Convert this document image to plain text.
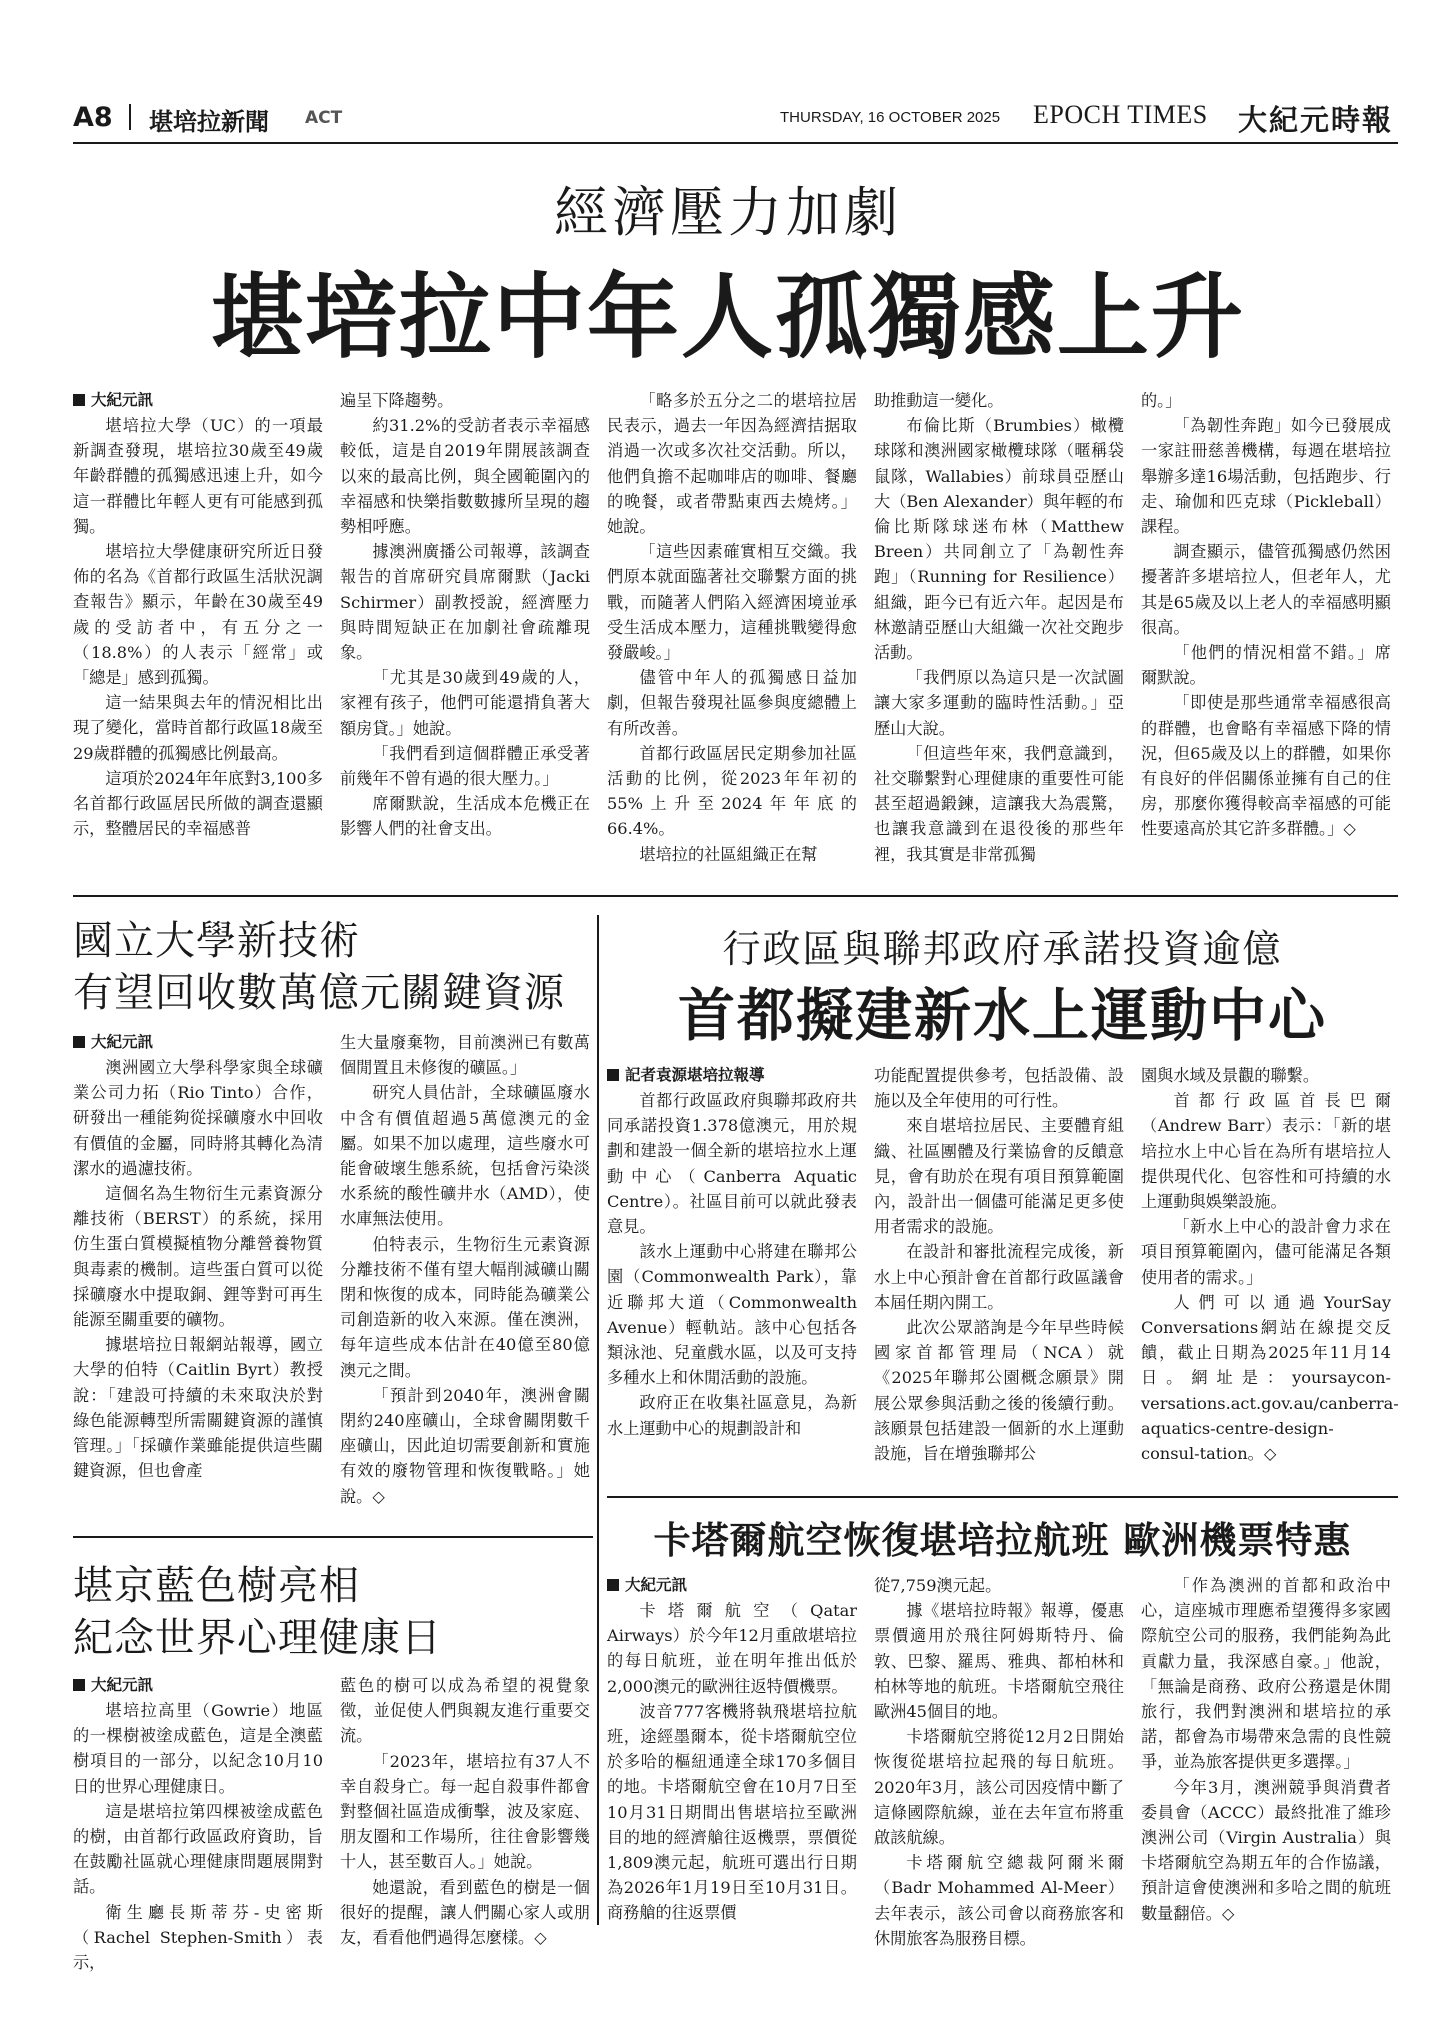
A8 堪培拉新聞 ACT	THURSDAY, 16 OCTOBER 2025 EPOCH TIMES 大紀元時報
經濟壓力加劇
堪培拉中年人孤獨感上升

大紀元訊

堪培拉大學（UC）的一項最新調查發現，堪培拉30歲至49歲年齡群體的孤獨感迅速上升，如今這一群體比年輕人更有可能感到孤獨。

堪培拉大學健康研究所近日發佈的名為《首都行政區生活狀況調查報告》顯示，年齡在30歲至49歲的受訪者中，有五分之一（18.8%）的人表示「經常」或「總是」感到孤獨。

這一結果與去年的情況相比出現了變化，當時首都行政區18歲至29歲群體的孤獨感比例最高。

這項於2024年年底對3,100多名首都行政區居民所做的調查還顯示，整體居民的幸福感普

遍呈下降趨勢。

約31.2%的受訪者表示幸福感較低，這是自2019年開展該調查以來的最高比例，與全國範圍內的幸福感和快樂指數數據所呈現的趨勢相呼應。

據澳洲廣播公司報導，該調查報告的首席研究員席爾默（Jacki Schirmer）副教授說，經濟壓力與時間短缺正在加劇社會疏離現象。

「尤其是30歲到49歲的人，家裡有孩子，他們可能還揹負著大額房貸。」她說。

「我們看到這個群體正承受著前幾年不曾有過的很大壓力。」

席爾默說，生活成本危機正在影響人們的社會支出。

「略多於五分之二的堪培拉居民表示，過去一年因為經濟拮据取消過一次或多次社交活動。所以，他們負擔不起咖啡店的咖啡、餐廳的晚餐，或者帶點東西去燒烤。」她說。

「這些因素確實相互交織。我們原本就面臨著社交聯繫方面的挑戰，而隨著人們陷入經濟困境並承受生活成本壓力，這種挑戰變得愈發嚴峻。」

儘管中年人的孤獨感日益加劇，但報告發現社區參與度總體上有所改善。

首都行政區居民定期參加社區活動的比例，從2023年年初的55%上升至2024年年底的66.4%。

堪培拉的社區組織正在幫

助推動這一變化。

布倫比斯（Brumbies）橄欖球隊和澳洲國家橄欖球隊（暱稱袋鼠隊，Wallabies）前球員亞歷山大（Ben Alexander）與年輕的布倫比斯隊球迷布林（Matthew Breen）共同創立了「為韌性奔跑」（Running for Resilience）組織，距今已有近六年。起因是布林邀請亞歷山大組織一次社交跑步活動。

「我們原以為這只是一次試圖讓大家多運動的臨時性活動。」亞歷山大說。

「但這些年來，我們意識到，社交聯繫對心理健康的重要性可能甚至超過鍛鍊，這讓我大為震驚，也讓我意識到在退役後的那些年裡，我其實是非常孤獨

的。」

「為韌性奔跑」如今已發展成一家註冊慈善機構，每週在堪培拉舉辦多達16場活動，包括跑步、行走、瑜伽和匹克球（Pickleball）課程。

調查顯示，儘管孤獨感仍然困擾著許多堪培拉人，但老年人，尤其是65歲及以上老人的幸福感明顯很高。

「他們的情況相當不錯。」席爾默說。

「即使是那些通常幸福感很高的群體，也會略有幸福感下降的情況，但65歲及以上的群體，如果你有良好的伴侶關係並擁有自己的住房，那麼你獲得較高幸福感的可能性要遠高於其它許多群體。」◇

國立大學新技術
有望回收數萬億元關鍵資源

大紀元訊

澳洲國立大學科學家與全球礦業公司力拓（Rio Tinto）合作，研發出一種能夠從採礦廢水中回收有價值的金屬，同時將其轉化為清潔水的過濾技術。

這個名為生物衍生元素資源分離技術（BERST）的系統，採用仿生蛋白質模擬植物分離營養物質與毒素的機制。這些蛋白質可以從採礦廢水中提取銅、鋰等對可再生能源至關重要的礦物。

據堪培拉日報網站報導，國立大學的伯特（Caitlin Byrt）教授說：「建設可持續的未來取決於對綠色能源轉型所需關鍵資源的謹慎管理。」「採礦作業雖能提供這些關鍵資源，但也會產

生大量廢棄物，目前澳洲已有數萬個閒置且未修復的礦區。」

研究人員估計，全球礦區廢水中含有價值超過5萬億澳元的金屬。如果不加以處理，這些廢水可能會破壞生態系統，包括會污染淡水系統的酸性礦井水（AMD），使水庫無法使用。

伯特表示，生物衍生元素資源分離技術不僅有望大幅削減礦山關閉和恢復的成本，同時能為礦業公司創造新的收入來源。僅在澳洲，每年這些成本估計在40億至80億澳元之間。

「預計到2040年，澳洲會關閉約240座礦山，全球會關閉數千座礦山，因此迫切需要創新和實施有效的廢物管理和恢復戰略。」她說。◇

行政區與聯邦政府承諾投資逾億
首都擬建新水上運動中心

記者袁源堪培拉報導

首都行政區政府與聯邦政府共同承諾投資1.378億澳元，用於規劃和建設一個全新的堪培拉水上運動中心（Canberra Aquatic Centre）。社區目前可以就此發表意見。

該水上運動中心將建在聯邦公園（Commonwealth Park），靠近聯邦大道（Commonwealth Avenue）輕軌站。該中心包括各類泳池、兒童戲水區，以及可支持多種水上和休閒活動的設施。

政府正在收集社區意見，為新水上運動中心的規劃設計和

功能配置提供參考，包括設備、設施以及全年使用的可行性。

來自堪培拉居民、主要體育組織、社區團體及行業協會的反饋意見，會有助於在現有項目預算範圍內，設計出一個儘可能滿足更多使用者需求的設施。

在設計和審批流程完成後，新水上中心預計會在首都行政區議會本屆任期內開工。

此次公眾諮詢是今年早些時候國家首都管理局（NCA）就《2025年聯邦公園概念願景》開展公眾參與活動之後的後續行動。該願景包括建設一個新的水上運動設施，旨在增強聯邦公

園與水域及景觀的聯繫。

首都行政區首長巴爾（Andrew Barr）表示：「新的堪培拉水上中心旨在為所有堪培拉人提供現代化、包容性和可持續的水上運動與娛樂設施。

「新水上中心的設計會力求在項目預算範圍內，儘可能滿足各類使用者的需求。」

人們可以通過YourSay Conversations網站在線提交反饋，截止日期為2025年11月14日。網址是：yoursaycon-versations.act.gov.au/canberra-aquatics-centre-design-consul-tation。◇

堪京藍色樹亮相
紀念世界心理健康日

大紀元訊

堪培拉高里（Gowrie）地區的一棵樹被塗成藍色，這是全澳藍樹項目的一部分，以紀念10月10日的世界心理健康日。

這是堪培拉第四棵被塗成藍色的樹，由首都行政區政府資助，旨在鼓勵社區就心理健康問題展開對話。

衛生廳長斯蒂芬-史密斯（Rachel Stephen-Smith）表示，

藍色的樹可以成為希望的視覺象徵，並促使人們與親友進行重要交流。

「2023年，堪培拉有37人不幸自殺身亡。每一起自殺事件都會對整個社區造成衝擊，波及家庭、朋友圈和工作場所，往往會影響幾十人，甚至數百人。」她說。

她還說，看到藍色的樹是一個很好的提醒，讓人們關心家人或朋友，看看他們過得怎麼樣。◇

卡塔爾航空恢復堪培拉航班 歐洲機票特惠

大紀元訊

卡塔爾航空（Qatar Airways）於今年12月重啟堪培拉的每日航班，並在明年推出低於2,000澳元的歐洲往返特價機票。

波音777客機將執飛堪培拉航班，途經墨爾本，從卡塔爾航空位於多哈的樞紐通達全球170多個目的地。卡塔爾航空會在10月7日至10月31日期間出售堪培拉至歐洲目的地的經濟艙往返機票，票價從1,809澳元起，航班可選出行日期為2026年1月19日至10月31日。商務艙的往返票價

從7,759澳元起。

據《堪培拉時報》報導，優惠票價適用於飛往阿姆斯特丹、倫敦、巴黎、羅馬、雅典、都柏林和柏林等地的航班。卡塔爾航空飛往歐洲45個目的地。

卡塔爾航空將從12月2日開始恢復從堪培拉起飛的每日航班。2020年3月，該公司因疫情中斷了這條國際航線，並在去年宣布將重啟該航線。

卡塔爾航空總裁阿爾米爾（Badr Mohammed Al-Meer）去年表示，該公司會以商務旅客和休閒旅客為服務目標。

「作為澳洲的首都和政治中心，這座城市理應希望獲得多家國際航空公司的服務，我們能夠為此貢獻力量，我深感自豪。」他說，「無論是商務、政府公務還是休閒旅行，我們對澳洲和堪培拉的承諾，都會為市場帶來急需的良性競爭，並為旅客提供更多選擇。」

今年3月，澳洲競爭與消費者委員會（ACCC）最終批准了維珍澳洲公司（Virgin Australia）與卡塔爾航空為期五年的合作協議，預計這會使澳洲和多哈之間的航班數量翻倍。◇
